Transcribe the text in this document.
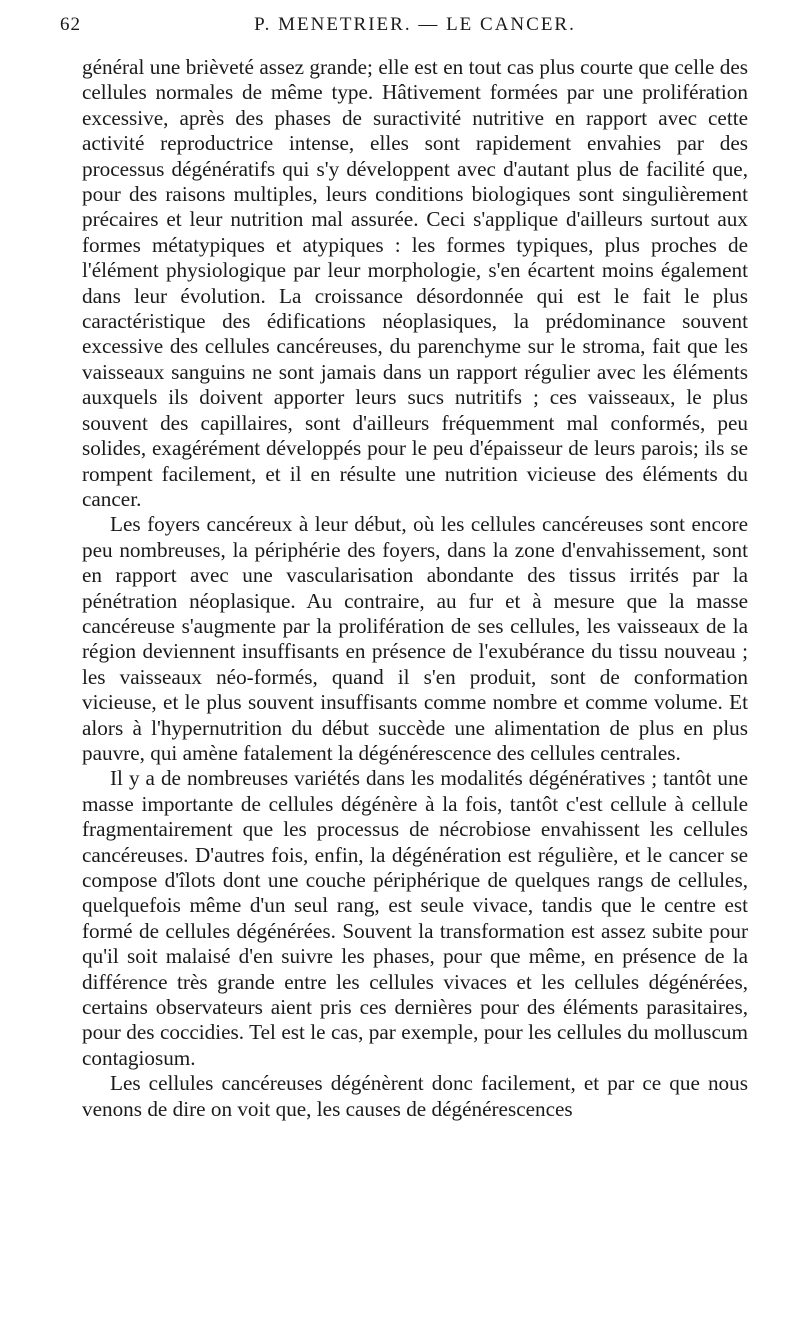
62	P. MENETRIER. — LE CANCER.

général une brièveté assez grande; elle est en tout cas plus courte que celle des cellules normales de même type. Hâtivement formées par une prolifération excessive, après des phases de suractivité nutritive en rapport avec cette activité reproductrice intense, elles sont rapidement envahies par des processus dégénératifs qui s'y développent avec d'autant plus de facilité que, pour des raisons multiples, leurs conditions biologiques sont singulièrement précaires et leur nutrition mal assurée. Ceci s'applique d'ailleurs surtout aux formes métatypiques et atypiques : les formes typiques, plus proches de l'élément physiologique par leur morphologie, s'en écartent moins également dans leur évolution. La croissance désordonnée qui est le fait le plus caractéristique des édifications néoplasiques, la prédominance souvent excessive des cellules cancéreuses, du parenchyme sur le stroma, fait que les vaisseaux sanguins ne sont jamais dans un rapport régulier avec les éléments auxquels ils doivent apporter leurs sucs nutritifs ; ces vaisseaux, le plus souvent des capillaires, sont d'ailleurs fréquemment mal conformés, peu solides, exagérément développés pour le peu d'épaisseur de leurs parois; ils se rompent facilement, et il en résulte une nutrition vicieuse des éléments du cancer.

Les foyers cancéreux à leur début, où les cellules cancéreuses sont encore peu nombreuses, la périphérie des foyers, dans la zone d'envahissement, sont en rapport avec une vascularisation abondante des tissus irrités par la pénétration néoplasique. Au contraire, au fur et à mesure que la masse cancéreuse s'augmente par la prolifération de ses cellules, les vaisseaux de la région deviennent insuffisants en présence de l'exubérance du tissu nouveau ; les vaisseaux néo-formés, quand il s'en produit, sont de conformation vicieuse, et le plus souvent insuffisants comme nombre et comme volume. Et alors à l'hypernutrition du début succède une alimentation de plus en plus pauvre, qui amène fatalement la dégénérescence des cellules centrales.

Il y a de nombreuses variétés dans les modalités dégénératives ; tantôt une masse importante de cellules dégénère à la fois, tantôt c'est cellule à cellule fragmentairement que les processus de nécrobiose envahissent les cellules cancéreuses. D'autres fois, enfin, la dégénération est régulière, et le cancer se compose d'îlots dont une couche périphérique de quelques rangs de cellules, quelquefois même d'un seul rang, est seule vivace, tandis que le centre est formé de cellules dégénérées. Souvent la transformation est assez subite pour qu'il soit malaisé d'en suivre les phases, pour que même, en présence de la différence très grande entre les cellules vivaces et les cellules dégénérées, certains observateurs aient pris ces dernières pour des éléments parasitaires, pour des coccidies. Tel est le cas, par exemple, pour les cellules du molluscum contagiosum.

Les cellules cancéreuses dégénèrent donc facilement, et par ce que nous venons de dire on voit que, les causes de dégénérescences
